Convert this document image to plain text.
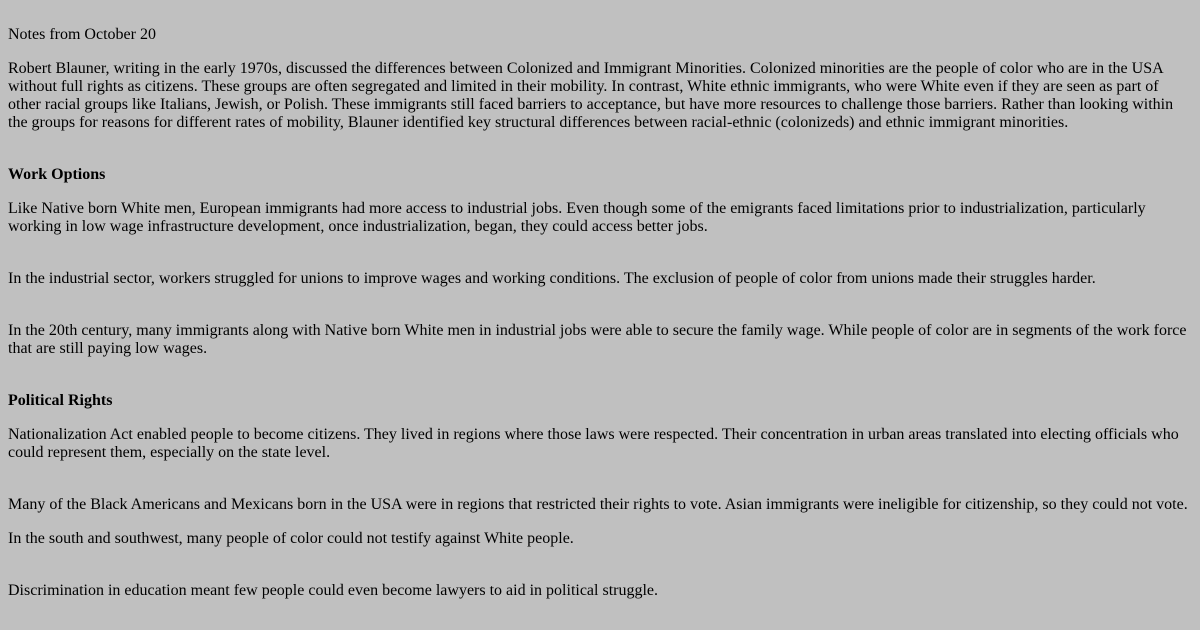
Notes from October 20

Robert Blauner, writing in the early 1970s, discussed the differences between Colonized and Immigrant Minorities. Colonized minorities are the people of color who are in the USA without full rights as citizens. These groups are often segregated and limited in their mobility. In contrast, White ethnic immigrants, who were White even if they are seen as part of other racial groups like Italians, Jewish, or Polish. These immigrants still faced barriers to acceptance, but have more resources to challenge those barriers. Rather than looking within the groups for reasons for different rates of mobility, Blauner identified key structural differences between racial-ethnic (colonizeds) and ethnic immigrant minorities.

Work Options

Like Native born White men, European immigrants had more access to industrial jobs. Even though some of the emigrants faced limitations prior to industrialization, particularly working in low wage infrastructure development, once industrialization, began, they could access better jobs.

In the industrial sector, workers struggled for unions to improve wages and working conditions. The exclusion of people of color from unions made their struggles harder.

In the 20th century, many immigrants along with Native born White men in industrial jobs were able to secure the family wage. While people of color are in segments of the work force that are still paying low wages.

Political Rights

Nationalization Act enabled people to become citizens. They lived in regions where those laws were respected. Their concentration in urban areas translated into electing officials who could represent them, especially on the state level.

Many of the Black Americans and Mexicans born in the USA were in regions that restricted their rights to vote. Asian immigrants were ineligible for citizenship, so they could not vote.

In the south and southwest, many people of color could not testify against White people.

Discrimination in education meant few people could even become lawyers to aid in political struggle.
